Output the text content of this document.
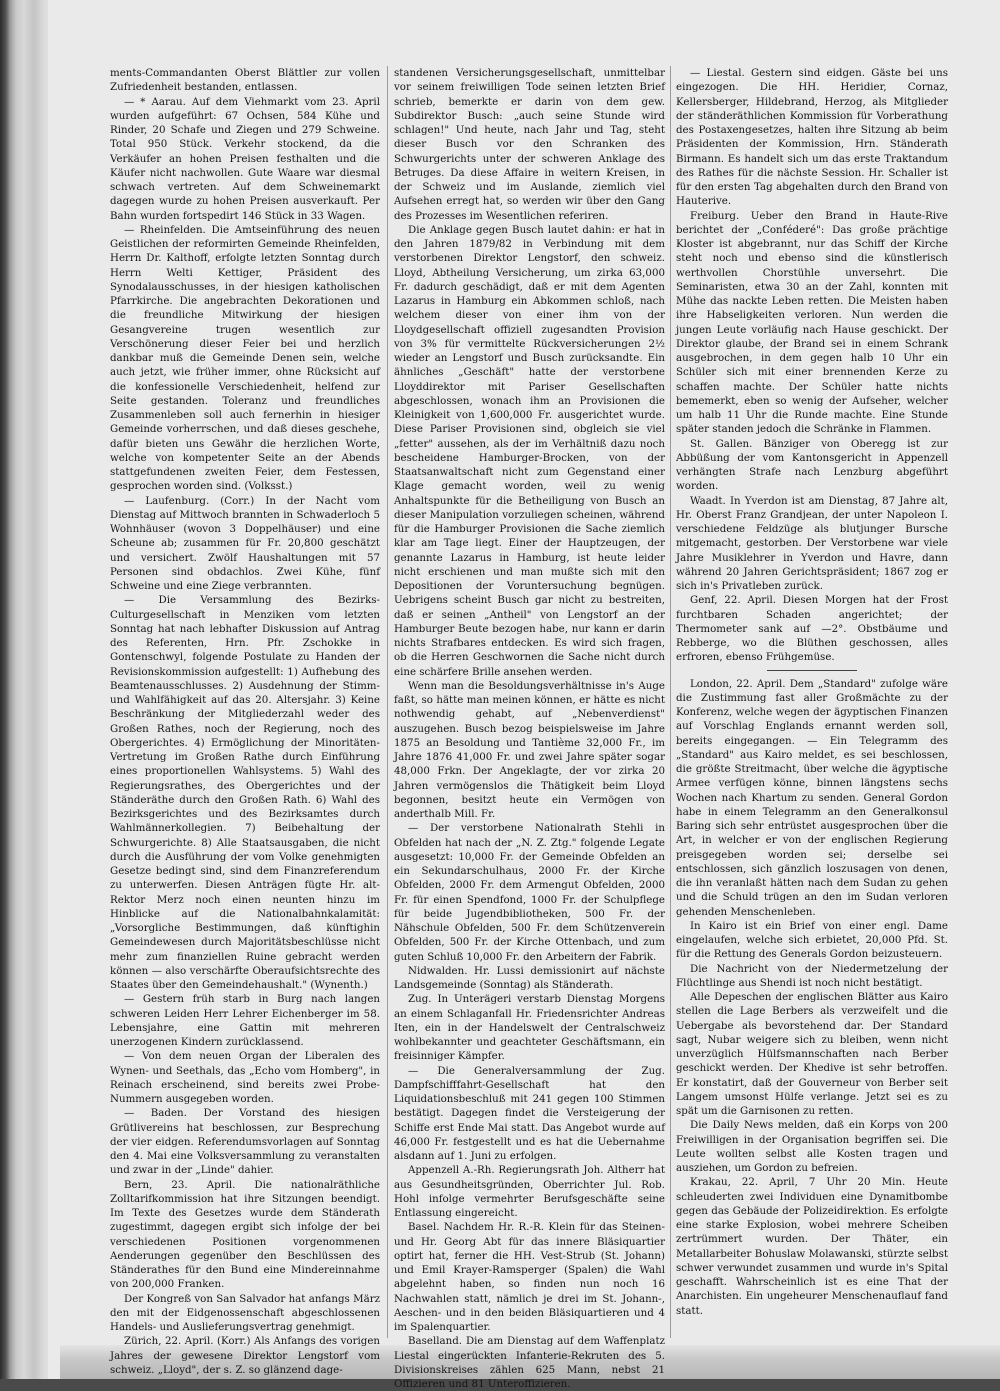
ments-Commandanten Oberst Blättler zur vollen Zufriedenheit bestanden, entlassen.

— * Aarau. Auf dem Viehmarkt vom 23. April wurden aufgeführt: 67 Ochsen, 584 Kühe und Rinder, 20 Schafe und Ziegen und 279 Schweine. Total 950 Stück. Verkehr stockend, da die Verkäufer an hohen Preisen festhalten und die Käufer nicht nachwollen. Gute Waare war diesmal schwach vertreten. Auf dem Schweinemarkt dagegen wurde zu hohen Preisen ausverkauft. Per Bahn wurden fortspedirt 146 Stück in 33 Wagen.

— Rheinfelden. Die Amtseinführung des neuen Geistlichen der reformirten Gemeinde Rheinfelden, Herrn Dr. Kalthoff, erfolgte letzten Sonntag durch Herrn Welti Kettiger, Präsident des Synodalausschusses, in der hiesigen katholischen Pfarrkirche. Die angebrachten Dekorationen und die freundliche Mitwirkung der hiesigen Gesangvereine trugen wesentlich zur Verschönerung dieser Feier bei und herzlich dankbar muß die Gemeinde Denen sein, welche auch jetzt, wie früher immer, ohne Rücksicht auf die konfessionelle Verschiedenheit, helfend zur Seite gestanden. Toleranz und freundliches Zusammenleben soll auch fernerhin in hiesiger Gemeinde vorherrschen, und daß dieses geschehe, dafür bieten uns Gewähr die herzlichen Worte, welche von kompetenter Seite an der Abends stattgefundenen zweiten Feier, dem Festessen, gesprochen worden sind. (Volksst.)

— Laufenburg. (Corr.) In der Nacht vom Dienstag auf Mittwoch brannten in Schwaderloch 5 Wohnhäuser (wovon 3 Doppelhäuser) und eine Scheune ab; zusammen für Fr. 20,800 geschätzt und versichert. Zwölf Haushaltungen mit 57 Personen sind obdachlos. Zwei Kühe, fünf Schweine und eine Ziege verbrannten.

— Die Versammlung des Bezirks-Culturgesellschaft in Menziken vom letzten Sonntag hat nach lebhafter Diskussion auf Antrag des Referenten, Hrn. Pfr. Zschokke in Gontenschwyl, folgende Postulate zu Handen der Revisionskommission aufgestellt: 1) Aufhebung des Beamtenausschlusses. 2) Ausdehnung der Stimm- und Wahlfähigkeit auf das 20. Altersjahr. 3) Keine Beschränkung der Mitgliederzahl weder des Großen Rathes, noch der Regierung, noch des Obergerichtes. 4) Ermöglichung der Minoritäten-Vertretung im Großen Rathe durch Einführung eines proportionellen Wahlsystems. 5) Wahl des Regierungsrathes, des Obergerichtes und der Ständeräthe durch den Großen Rath. 6) Wahl des Bezirksgerichtes und des Bezirksamtes durch Wahlmännerkollegien. 7) Beibehaltung der Schwurgerichte. 8) Alle Staatsausgaben, die nicht durch die Ausführung der vom Volke genehmigten Gesetze bedingt sind, sind dem Finanzreferendum zu unterwerfen. Diesen Anträgen fügte Hr. alt-Rektor Merz noch einen neunten hinzu im Hinblicke auf die Nationalbahnkalamität: „Vorsorgliche Bestimmungen, daß künftighin Gemeindewesen durch Majoritätsbeschlüsse nicht mehr zum finanziellen Ruine gebracht werden können — also verschärfte Oberaufsichtsrechte des Staates über den Gemeindehaushalt." (Wynenth.)

— Gestern früh starb in Burg nach langen schweren Leiden Herr Lehrer Eichenberger im 58. Lebensjahre, eine Gattin mit mehreren unerzogenen Kindern zurücklassend.

— Von dem neuen Organ der Liberalen des Wynen- und Seethals, das „Echo vom Homberg", in Reinach erscheinend, sind bereits zwei Probe-Nummern ausgegeben worden.

— Baden. Der Vorstand des hiesigen Grütlivereins hat beschlossen, zur Besprechung der vier eidgen. Referendumsvorlagen auf Sonntag den 4. Mai eine Volksversammlung zu veranstalten und zwar in der „Linde" dahier.

Bern, 23. April. Die nationalräthliche Zolltarifkommission hat ihre Sitzungen beendigt. Im Texte des Gesetzes wurde dem Ständerath zugestimmt, dagegen ergibt sich infolge der bei verschiedenen Positionen vorgenommenen Aenderungen gegenüber den Beschlüssen des Ständerathes für den Bund eine Mindereinnahme von 200,000 Franken.

Der Kongreß von San Salvador hat anfangs März den mit der Eidgenossenschaft abgeschlossenen Handels- und Auslieferungsvertrag genehmigt.

Zürich, 22. April. (Korr.) Als Anfangs des vorigen Jahres der gewesene Direktor Lengstorf vom schweiz. „Lloyd", der s. Z. so glänzend dage-

standenen Versicherungsgesellschaft, unmittelbar vor seinem freiwilligen Tode seinen letzten Brief schrieb, bemerkte er darin von dem gew. Subdirektor Busch: „auch seine Stunde wird schlagen!" Und heute, nach Jahr und Tag, steht dieser Busch vor den Schranken des Schwurgerichts unter der schweren Anklage des Betruges. Da diese Affaire in weitern Kreisen, in der Schweiz und im Auslande, ziemlich viel Aufsehen erregt hat, so werden wir über den Gang des Prozesses im Wesentlichen referiren.

Die Anklage gegen Busch lautet dahin: er hat in den Jahren 1879/82 in Verbindung mit dem verstorbenen Direktor Lengstorf, den schweiz. Lloyd, Abtheilung Versicherung, um zirka 63,000 Fr. dadurch geschädigt, daß er mit dem Agenten Lazarus in Hamburg ein Abkommen schloß, nach welchem dieser von einer ihm von der Lloydgesellschaft offiziell zugesandten Provision von 3% für vermittelte Rückversicherungen 2½ wieder an Lengstorf und Busch zurücksandte. Ein ähnliches „Geschäft" hatte der verstorbene Lloyddirektor mit Pariser Gesellschaften abgeschlossen, wonach ihm an Provisionen die Kleinigkeit von 1,600,000 Fr. ausgerichtet wurde. Diese Pariser Provisionen sind, obgleich sie viel „fetter" aussehen, als der im Verhältniß dazu noch bescheidene Hamburger-Brocken, von der Staatsanwaltschaft nicht zum Gegenstand einer Klage gemacht worden, weil zu wenig Anhaltspunkte für die Betheiligung von Busch an dieser Manipulation vorzuliegen scheinen, während für die Hamburger Provisionen die Sache ziemlich klar am Tage liegt. Einer der Hauptzeugen, der genannte Lazarus in Hamburg, ist heute leider nicht erschienen und man mußte sich mit den Depositionen der Voruntersuchung begnügen. Uebrigens scheint Busch gar nicht zu bestreiten, daß er seinen „Antheil" von Lengstorf an der Hamburger Beute bezogen habe, nur kann er darin nichts Strafbares entdecken. Es wird sich fragen, ob die Herren Geschwornen die Sache nicht durch eine schärfere Brille ansehen werden.

Wenn man die Besoldungsverhältnisse in's Auge faßt, so hätte man meinen können, er hätte es nicht nothwendig gehabt, auf „Nebenverdienst" auszugehen. Busch bezog beispielsweise im Jahre 1875 an Besoldung und Tantième 32,000 Fr., im Jahre 1876 41,000 Fr. und zwei Jahre später sogar 48,000 Frkn. Der Angeklagte, der vor zirka 20 Jahren vermögenslos die Thätigkeit beim Lloyd begonnen, besitzt heute ein Vermögen von anderthalb Mill. Fr.

— Der verstorbene Nationalrath Stehli in Obfelden hat nach der „N. Z. Ztg." folgende Legate ausgesetzt: 10,000 Fr. der Gemeinde Obfelden an ein Sekundarschulhaus, 2000 Fr. der Kirche Obfelden, 2000 Fr. dem Armengut Obfelden, 2000 Fr. für einen Spendfond, 1000 Fr. der Schulpflege für beide Jugendbibliotheken, 500 Fr. der Nähschule Obfelden, 500 Fr. dem Schützenverein Obfelden, 500 Fr. der Kirche Ottenbach, und zum guten Schluß 10,000 Fr. den Arbeitern der Fabrik.

Nidwalden. Hr. Lussi demissionirt auf nächste Landsgemeinde (Sonntag) als Ständerath.

Zug. In Unterägeri verstarb Dienstag Morgens an einem Schlaganfall Hr. Friedensrichter Andreas Iten, ein in der Handelswelt der Centralschweiz wohlbekannter und geachteter Geschäftsmann, ein freisinniger Kämpfer.

— Die Generalversammlung der Zug. Dampfschifffahrt-Gesellschaft hat den Liquidationsbeschluß mit 241 gegen 100 Stimmen bestätigt. Dagegen findet die Versteigerung der Schiffe erst Ende Mai statt. Das Angebot wurde auf 46,000 Fr. festgestellt und es hat die Uebernahme alsdann auf 1. Juni zu erfolgen.

Appenzell A.-Rh. Regierungsrath Joh. Altherr hat aus Gesundheitsgründen, Oberrichter Jul. Rob. Hohl infolge vermehrter Berufsgeschäfte seine Entlassung eingereicht.

Basel. Nachdem Hr. R.-R. Klein für das Steinen- und Hr. Georg Abt für das innere Bläsiquartier optirt hat, ferner die HH. Vest-Strub (St. Johann) und Emil Krayer-Ramsperger (Spalen) die Wahl abgelehnt haben, so finden nun noch 16 Nachwahlen statt, nämlich je drei im St. Johann-, Aeschen- und in den beiden Bläsiquartieren und 4 im Spalenquartier.

Baselland. Die am Dienstag auf dem Waffenplatz Liestal eingerückten Infanterie-Rekruten des 5. Divisionskreises zählen 625 Mann, nebst 21 Offizieren und 81 Unteroffizieren.

— Liestal. Gestern sind eidgen. Gäste bei uns eingezogen. Die HH. Heridier, Cornaz, Kellersberger, Hildebrand, Herzog, als Mitglieder der ständeräthlichen Kommission für Vorberathung des Postaxengesetzes, halten ihre Sitzung ab beim Präsidenten der Kommission, Hrn. Ständerath Birmann. Es handelt sich um das erste Traktandum des Rathes für die nächste Session. Hr. Schaller ist für den ersten Tag abgehalten durch den Brand von Hauterive.

Freiburg. Ueber den Brand in Haute-Rive berichtet der „Conféderé": Das große prächtige Kloster ist abgebrannt, nur das Schiff der Kirche steht noch und ebenso sind die künstlerisch werthvollen Chorstühle unversehrt. Die Seminaristen, etwa 30 an der Zahl, konnten mit Mühe das nackte Leben retten. Die Meisten haben ihre Habseligkeiten verloren. Nun werden die jungen Leute vorläufig nach Hause geschickt. Der Direktor glaube, der Brand sei in einem Schrank ausgebrochen, in dem gegen halb 10 Uhr ein Schüler sich mit einer brennenden Kerze zu schaffen machte. Der Schüler hatte nichts bememerkt, eben so wenig der Aufseher, welcher um halb 11 Uhr die Runde machte. Eine Stunde später standen jedoch die Schränke in Flammen.

St. Gallen. Bänziger von Oberegg ist zur Abbüßung der vom Kantonsgericht in Appenzell verhängten Strafe nach Lenzburg abgeführt worden.

Waadt. In Yverdon ist am Dienstag, 87 Jahre alt, Hr. Oberst Franz Grandjean, der unter Napoleon I. verschiedene Feldzüge als blutjunger Bursche mitgemacht, gestorben. Der Verstorbene war viele Jahre Musiklehrer in Yverdon und Havre, dann während 20 Jahren Gerichtspräsident; 1867 zog er sich in's Privatleben zurück.

Genf, 22. April. Diesen Morgen hat der Frost furchtbaren Schaden angerichtet; der Thermometer sank auf —2°. Obstbäume und Rebberge, wo die Blüthen geschossen, alles erfroren, ebenso Frühgemüse.

London, 22. April. Dem „Standard" zufolge wäre die Zustimmung fast aller Großmächte zu der Konferenz, welche wegen der ägyptischen Finanzen auf Vorschlag Englands ernannt werden soll, bereits eingegangen. — Ein Telegramm des „Standard" aus Kairo meldet, es sei beschlossen, die größte Streitmacht, über welche die ägyptische Armee verfügen könne, binnen längstens sechs Wochen nach Khartum zu senden. General Gordon habe in einem Telegramm an den Generalkonsul Baring sich sehr entrüstet ausgesprochen über die Art, in welcher er von der englischen Regierung preisgegeben worden sei; derselbe sei entschlossen, sich gänzlich loszusagen von denen, die ihn veranlaßt hätten nach dem Sudan zu gehen und die Schuld trügen an den im Sudan verloren gehenden Menschenleben.

In Kairo ist ein Brief von einer engl. Dame eingelaufen, welche sich erbietet, 20,000 Pfd. St. für die Rettung des Generals Gordon beizusteuern.

Die Nachricht von der Niedermetzelung der Flüchtlinge aus Shendi ist noch nicht bestätigt.

Alle Depeschen der englischen Blätter aus Kairo stellen die Lage Berbers als verzweifelt und die Uebergabe als bevorstehend dar. Der Standard sagt, Nubar weigere sich zu bleiben, wenn nicht unverzüglich Hülfsmannschaften nach Berber geschickt werden. Der Khedive ist sehr betroffen. Er konstatirt, daß der Gouverneur von Berber seit Langem umsonst Hülfe verlange. Jetzt sei es zu spät um die Garnisonen zu retten.

Die Daily News melden, daß ein Korps von 200 Freiwilligen in der Organisation begriffen sei. Die Leute wollten selbst alle Kosten tragen und ausziehen, um Gordon zu befreien.

Krakau, 22. April, 7 Uhr 20 Min. Heute schleuderten zwei Individuen eine Dynamitbombe gegen das Gebäude der Polizeidirektion. Es erfolgte eine starke Explosion, wobei mehrere Scheiben zertrümmert wurden. Der Thäter, ein Metallarbeiter Bohuslaw Molawanski, stürzte selbst schwer verwundet zusammen und wurde in's Spital geschafft. Wahrscheinlich ist es eine That der Anarchisten. Ein ungeheurer Menschenauflauf fand statt.
